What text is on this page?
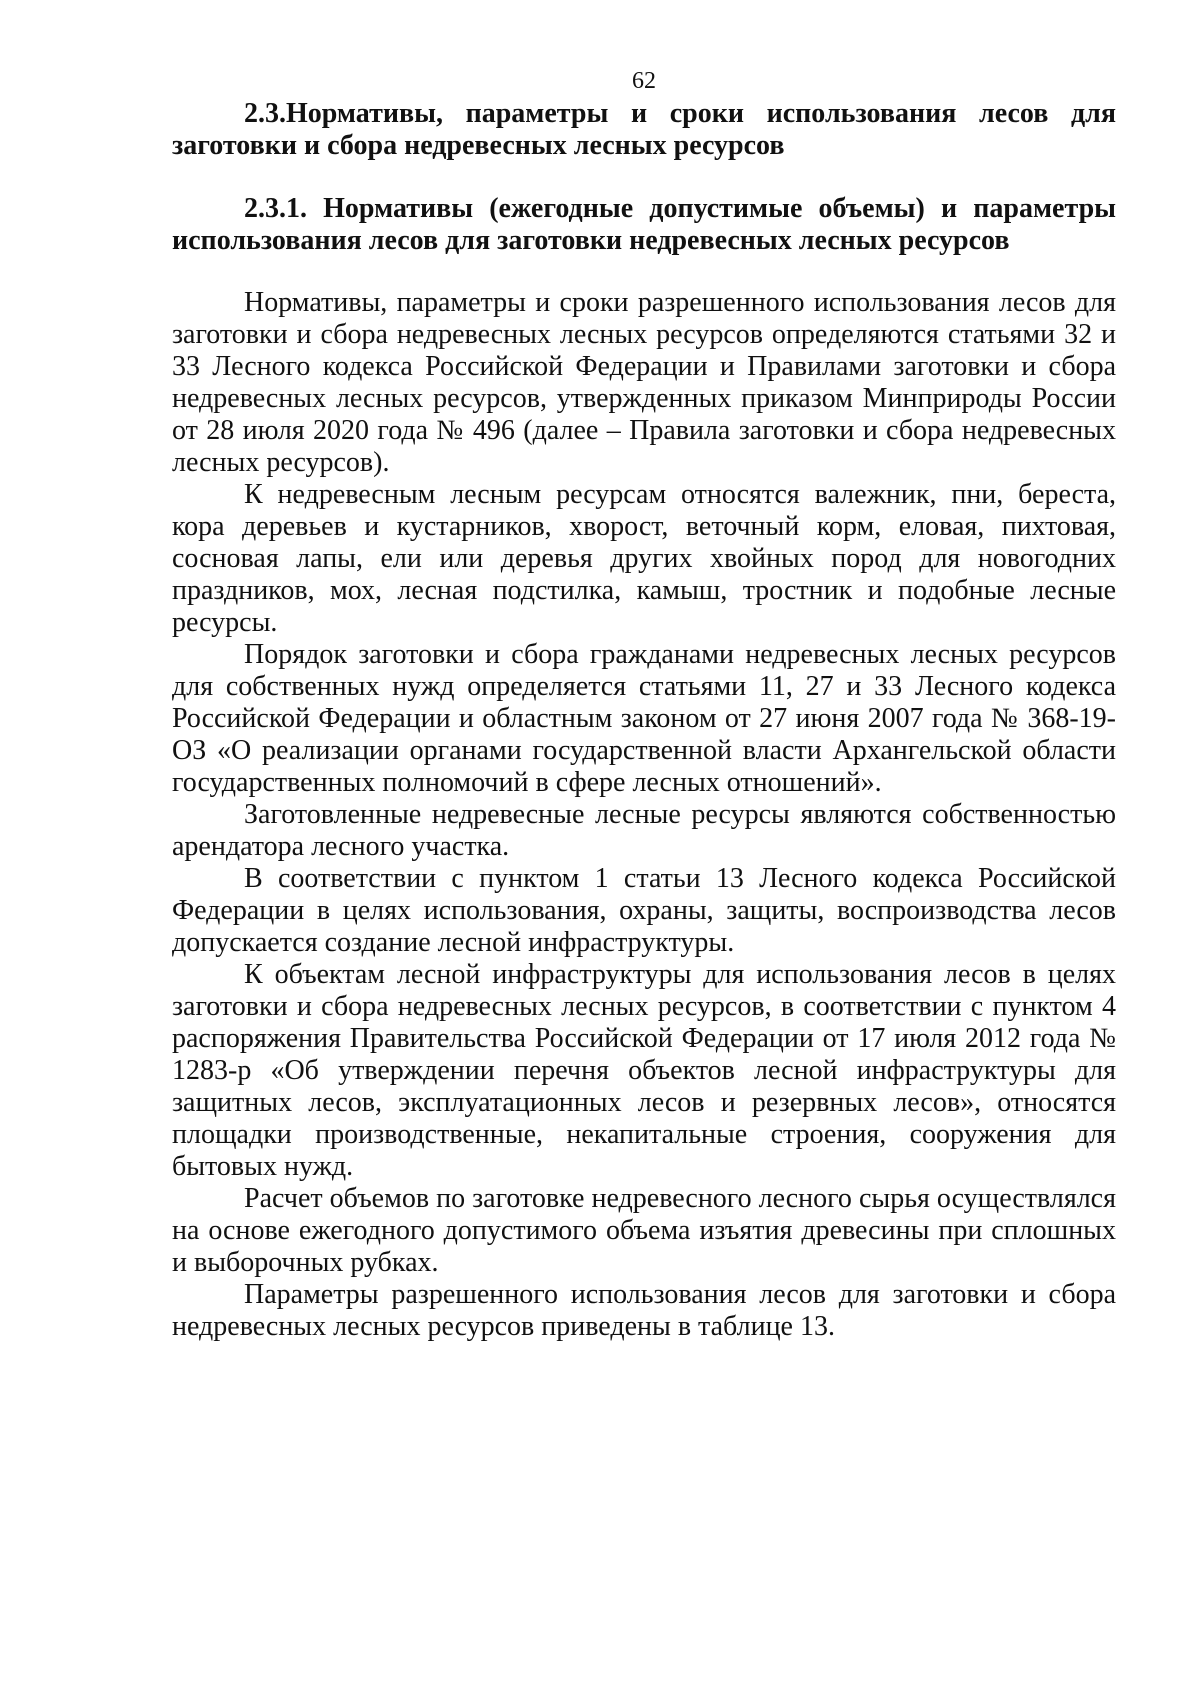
62

2.3.Нормативы, параметры и сроки использования лесов для заготовки и сбора недревесных лесных ресурсов

2.3.1. Нормативы (ежегодные допустимые объемы) и параметры использования лесов для заготовки недревесных лесных ресурсов

Нормативы, параметры и сроки разрешенного использования лесов для заготовки и сбора недревесных лесных ресурсов определяются статьями 32 и 33 Лесного кодекса Российской Федерации и Правилами заготовки и сбора недревесных лесных ресурсов, утвержденных приказом Минприроды России от 28 июля 2020 года № 496 (далее – Правила заготовки и сбора недревесных лесных ресурсов).

К недревесным лесным ресурсам относятся валежник, пни, береста, кора деревьев и кустарников, хворост, веточный корм, еловая, пихтовая, сосновая лапы, ели или деревья других хвойных пород для новогодних праздников, мох, лесная подстилка, камыш, тростник и подобные лесные ресурсы.

Порядок заготовки и сбора гражданами недревесных лесных ресурсов для собственных нужд определяется статьями 11, 27 и 33 Лесного кодекса Российской Федерации и областным законом от 27 июня 2007 года № 368-19-ОЗ «О реализации органами государственной власти Архангельской области государственных полномочий в сфере лесных отношений».

Заготовленные недревесные лесные ресурсы являются собственностью арендатора лесного участка.

В соответствии с пунктом 1 статьи 13 Лесного кодекса Российской Федерации в целях использования, охраны, защиты, воспроизводства лесов допускается создание лесной инфраструктуры.

К объектам лесной инфраструктуры для использования лесов в целях заготовки и сбора недревесных лесных ресурсов, в соответствии с пунктом 4 распоряжения Правительства Российской Федерации от 17 июля 2012 года № 1283-р «Об утверждении перечня объектов лесной инфраструктуры для защитных лесов, эксплуатационных лесов и резервных лесов», относятся площадки производственные, некапитальные строения, сооружения для бытовых нужд.

Расчет объемов по заготовке недревесного лесного сырья осуществлялся на основе ежегодного допустимого объема изъятия древесины при сплошных и выборочных рубках.

Параметры разрешенного использования лесов для заготовки и сбора недревесных лесных ресурсов приведены в таблице 13.
